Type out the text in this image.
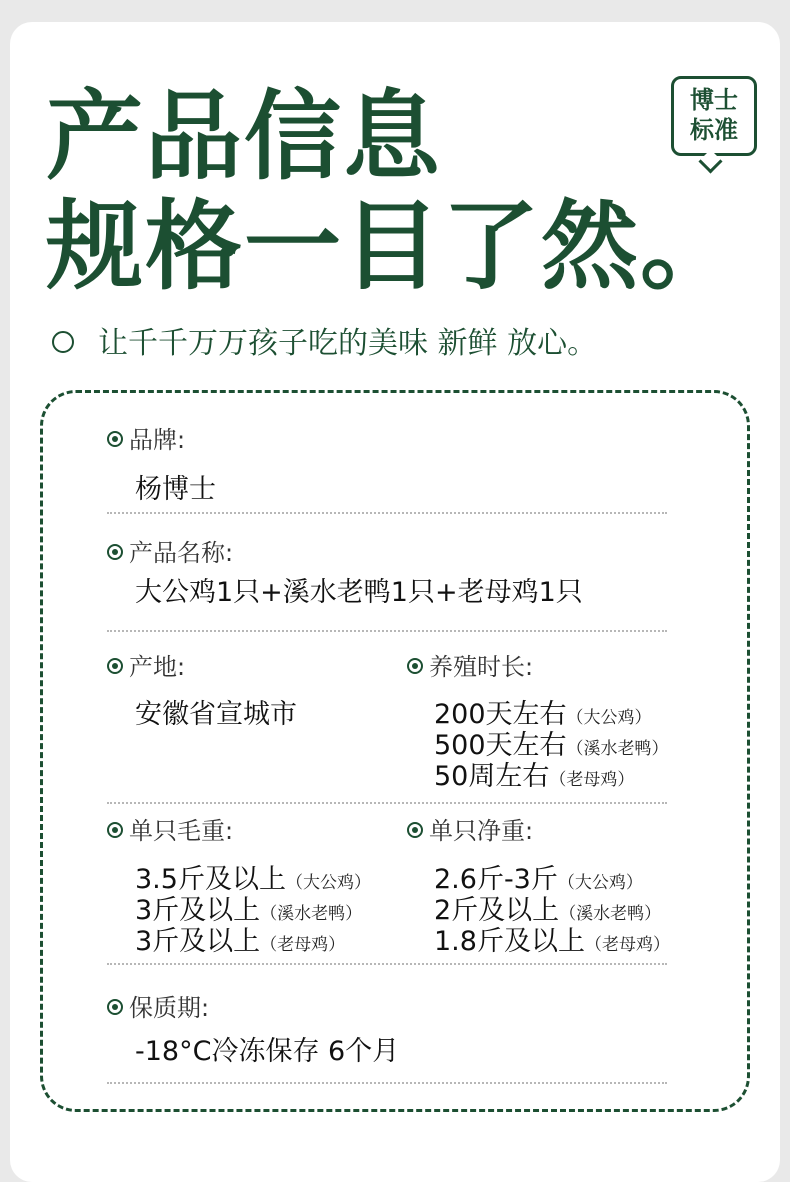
产品信息
规格一目了然。
博士
标准
让千千万万孩子吃的美味 新鲜 放心。
品牌:
杨博士
产品名称:
大公鸡1只+溪水老鸭1只+老母鸡1只
产地:
安徽省宣城市
养殖时长:
200天左右（大公鸡）
500天左右（溪水老鸭）
50周左右（老母鸡）
单只毛重:
3.5斤及以上（大公鸡）
3斤及以上（溪水老鸭）
3斤及以上（老母鸡）
单只净重:
2.6斤-3斤（大公鸡）
2斤及以上（溪水老鸭）
1.8斤及以上（老母鸡）
保质期:
-18°C冷冻保存 6个月
